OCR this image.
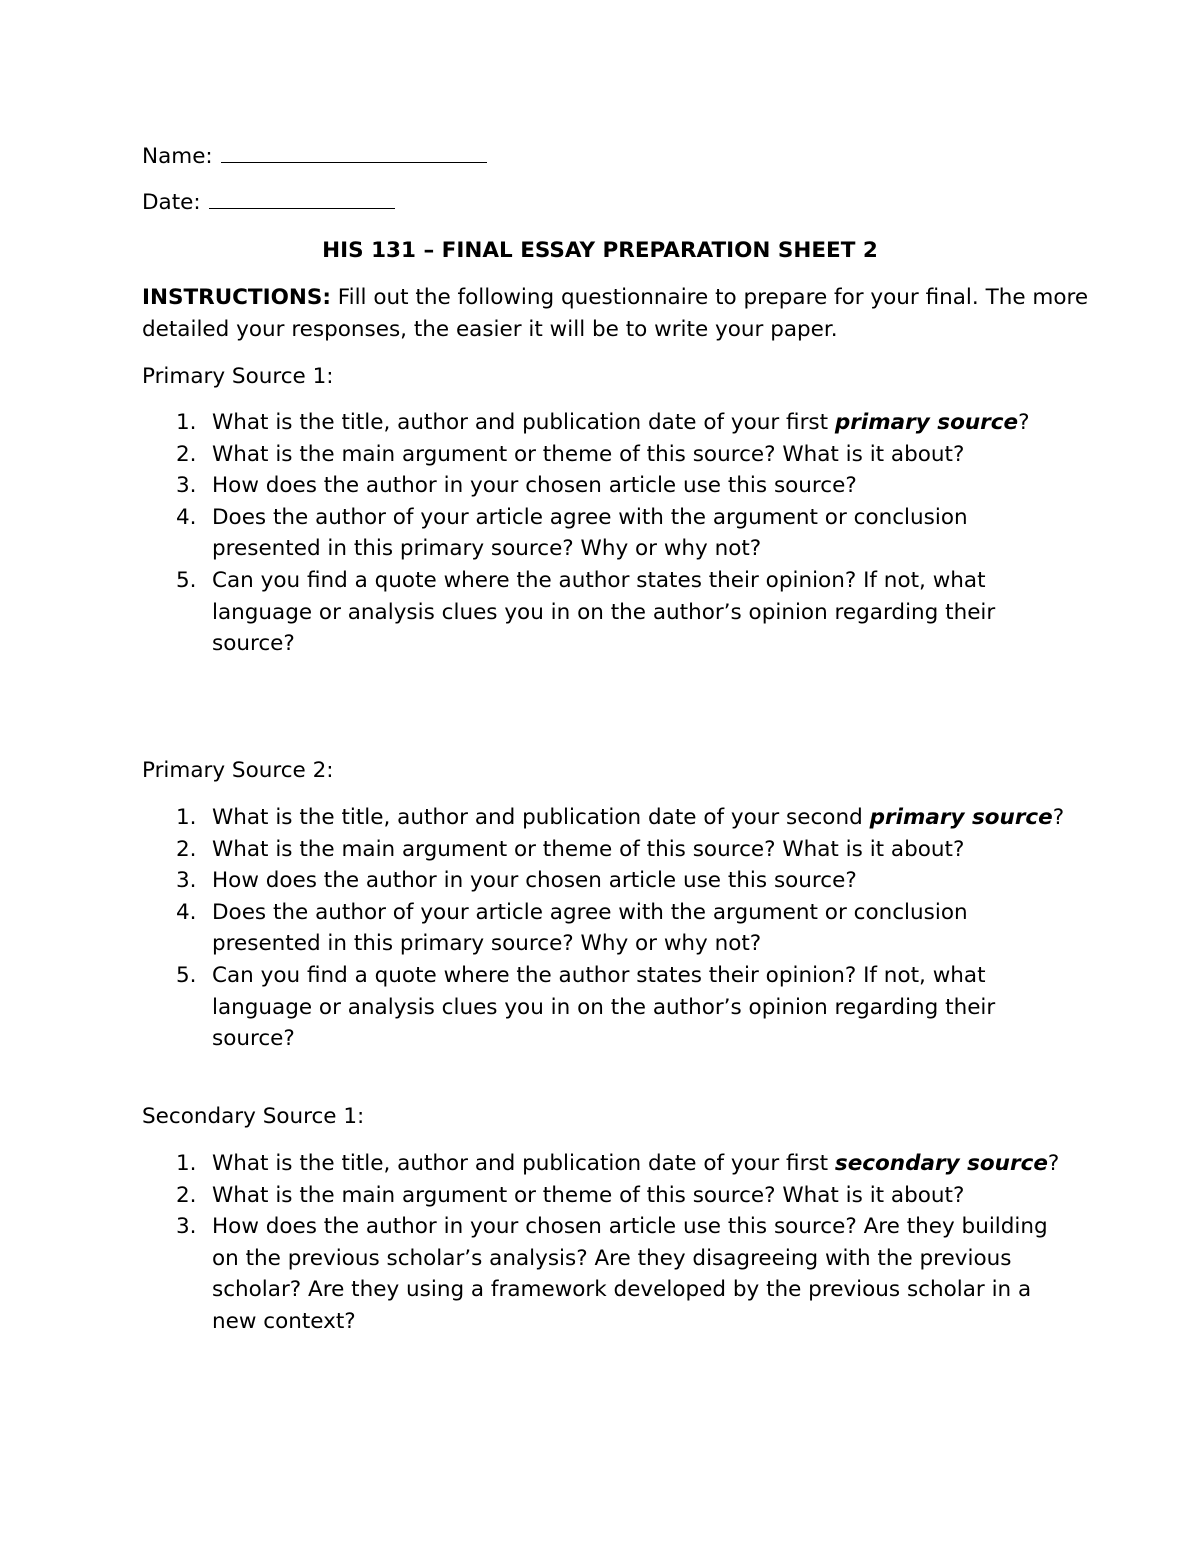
Name:
Date:
HIS 131 – FINAL ESSAY PREPARATION SHEET 2
INSTRUCTIONS: Fill out the following questionnaire to prepare for your final. The more detailed your responses, the easier it will be to write your paper.
Primary Source 1:
1. What is the title, author and publication date of your first primary source?
2. What is the main argument or theme of this source? What is it about?
3. How does the author in your chosen article use this source?
4. Does the author of your article agree with the argument or conclusion presented in this primary source? Why or why not?
5. Can you find a quote where the author states their opinion? If not, what language or analysis clues you in on the author’s opinion regarding their source?
Primary Source 2:
1. What is the title, author and publication date of your second primary source?
2. What is the main argument or theme of this source? What is it about?
3. How does the author in your chosen article use this source?
4. Does the author of your article agree with the argument or conclusion presented in this primary source? Why or why not?
5. Can you find a quote where the author states their opinion? If not, what language or analysis clues you in on the author’s opinion regarding their source?
Secondary Source 1:
1. What is the title, author and publication date of your first secondary source?
2. What is the main argument or theme of this source? What is it about?
3. How does the author in your chosen article use this source? Are they building on the previous scholar’s analysis? Are they disagreeing with the previous scholar? Are they using a framework developed by the previous scholar in a new context?
